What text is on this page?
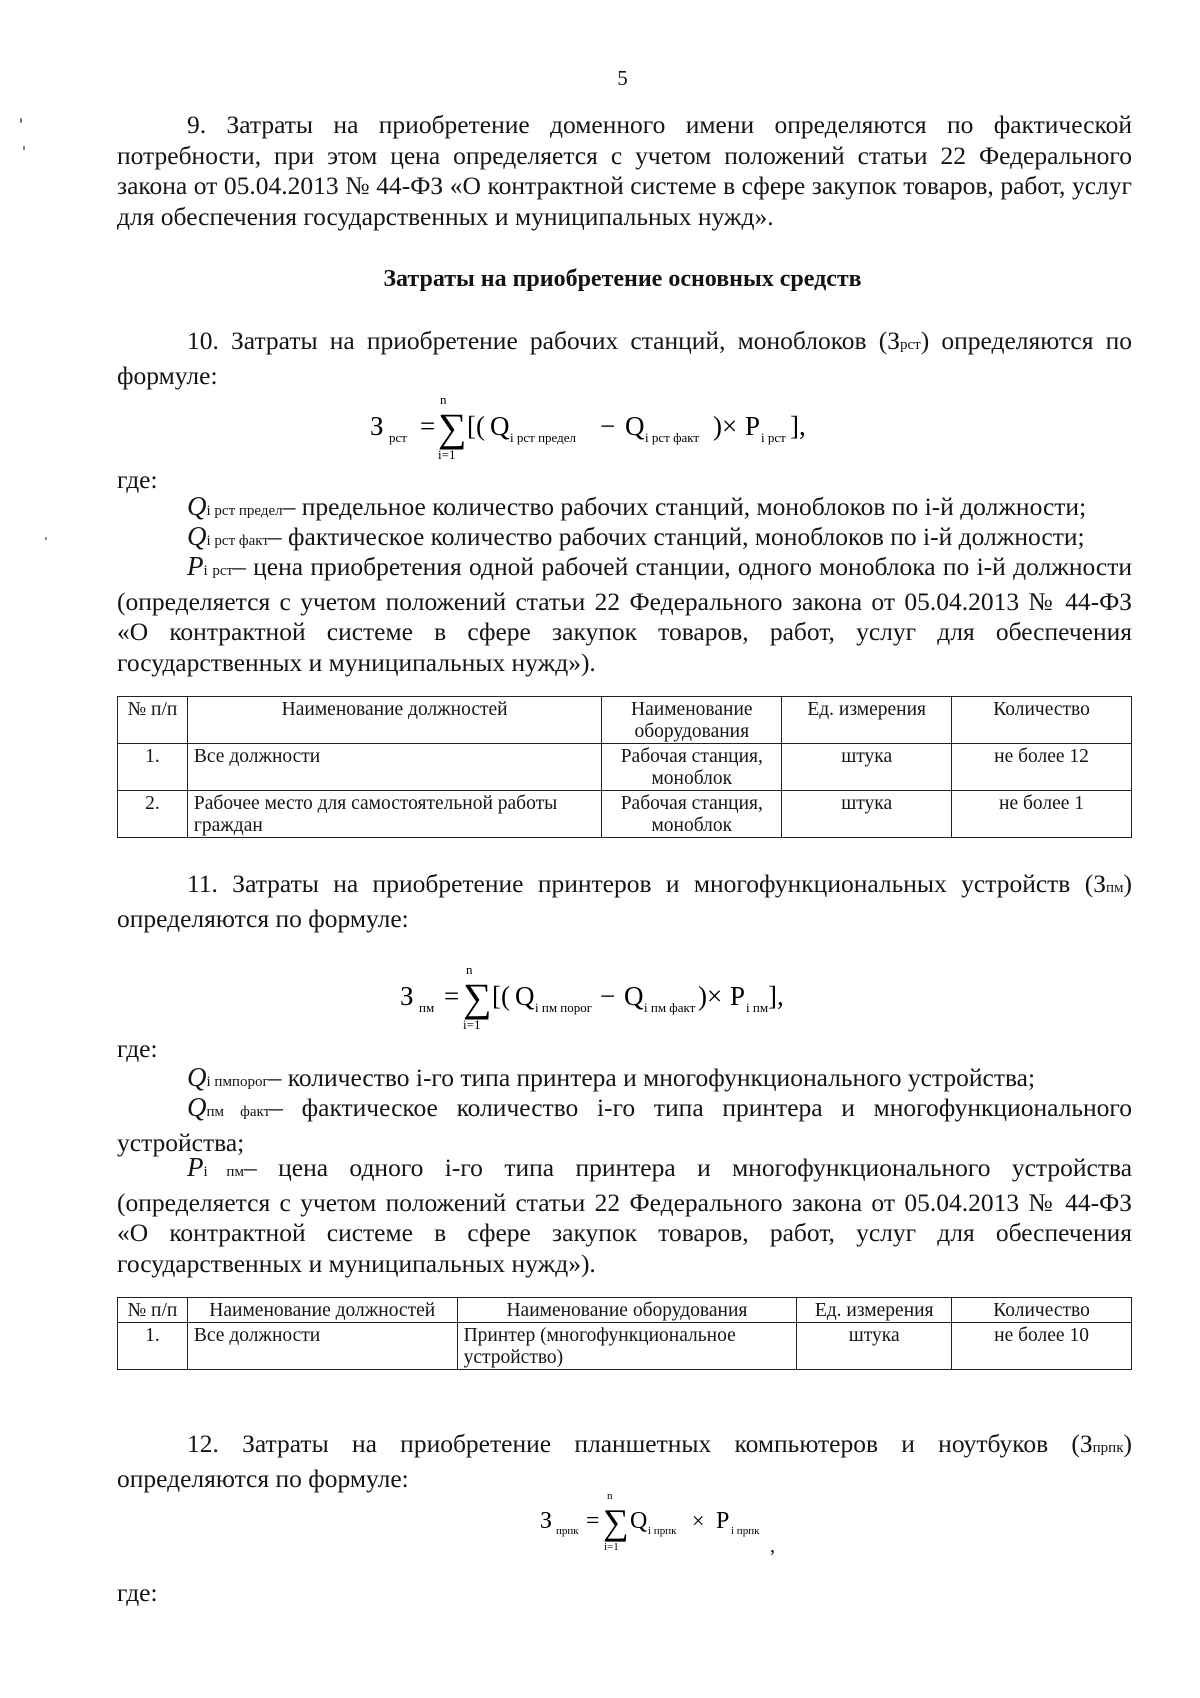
5

9. Затраты на приобретение доменного имени определяются по фактической потребности, при этом цена определяется с учетом положений статьи 22 Федерального закона от 05.04.2013 № 44-ФЗ «О контрактной системе в сфере закупок товаров, работ, услуг для обеспечения государственных и муниципальных нужд».

Затраты на приобретение основных средств

10. Затраты на приобретение рабочих станций, моноблоков (Зрст) определяются по формуле:

З рст =
n
∑
i=1
[( Q i рст предел − Q i рст факт )× P i рст ],
где:

Qi рст предел– предельное количество рабочих станций, моноблоков по i-й должности;

Qi рст факт– фактическое количество рабочих станций, моноблоков по i-й должности;

Pi рст– цена приобретения одной рабочей станции, одного моноблока по i-й должности (определяется с учетом положений статьи 22 Федерального закона от 05.04.2013 № 44-ФЗ «О контрактной системе в сфере закупок товаров, работ, услуг для обеспечения государственных и муниципальных нужд»).

№ п/п	Наименование должностей	Наименование оборудования	Ед. измерения	Количество
1.	Все должности	Рабочая станция, моноблок	штука	не более 12
2.	Рабочее место для самостоятельной работы граждан	Рабочая станция, моноблок	штука	не более 1

11. Затраты на приобретение принтеров и многофункциональных устройств (Зпм) определяются по формуле:

З пм =
n
∑
i=1
[( Q i пм порог − Q i пм факт )× P i пм ],
где:

Qi пмпорог– количество i-го типа принтера и многофункционального устройства;

Qпм факт– фактическое количество i-го типа принтера и многофункционального устройства;

Pi пм– цена одного i-го типа принтера и многофункционального устройства (определяется с учетом положений статьи 22 Федерального закона от 05.04.2013 № 44-ФЗ «О контрактной системе в сфере закупок товаров, работ, услуг для обеспечения государственных и муниципальных нужд»).

№ п/п	Наименование должностей	Наименование оборудования	Ед. измерения	Количество
1.	Все должности	Принтер (многофункциональное устройство)	штука	не более 10

12. Затраты на приобретение планшетных компьютеров и ноутбуков (Зпрпк) определяются по формуле:

З прпк =
n
∑
i=1
Q i прпк × P i прпк
,
где:
